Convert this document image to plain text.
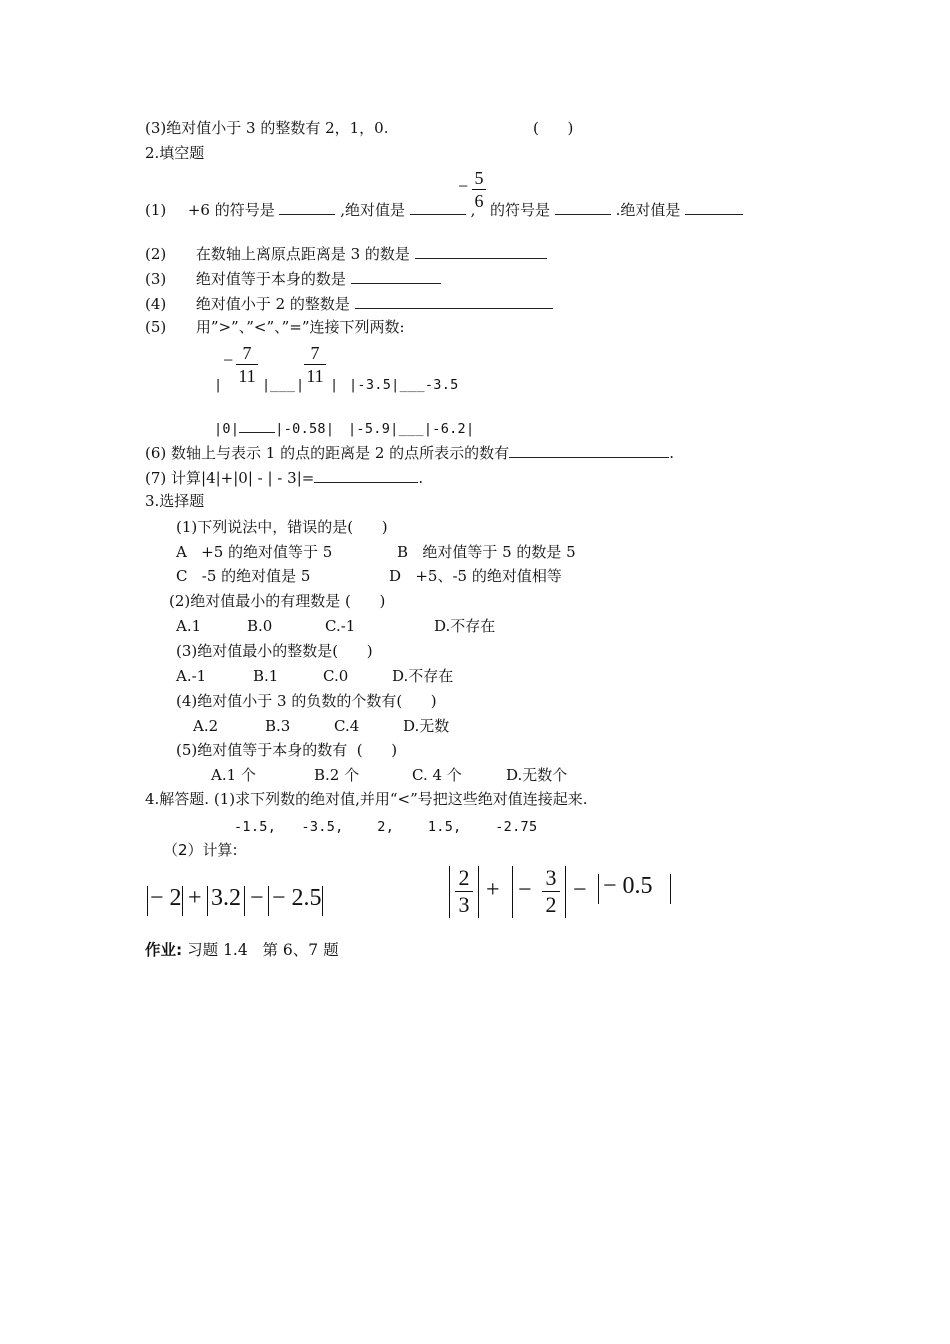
(3)绝对值小于 3 的整数有 2，1，0.	(      )
2.填空题
(1) +6 的符号是	,绝对值是	,
− 5
6 的符号是	.绝对值是
(2) 在数轴上离原点距离是 3 的数是
(3) 绝对值等于本身的数是
(4) 绝对值小于 2 的整数是
(5) 用”>”、”<”、”=”连接下列两数:
− 7
11
7
11
|	| ___ | | |-3.5|___-3.5
|0|	|-0.58| |-5.9|___|-6.2|
(6) 数轴上与表示 1 的点的距离是 2 的点所表示的数有	.
(7) 计算|4|+|0| - | - 3|=	.
3.选择题
(1)下列说法中，错误的是(      )
A   +5 的绝对值等于 5	B   绝对值等于 5 的数是 5
C   -5 的绝对值是 5	D   +5、-5 的绝对值相等
(2)绝对值最小的有理数是 (      )
A.1	B.0	C.-1	D.不存在
(3)绝对值最小的整数是(      )
A.-1	B.1	C.0	D.不存在
(4)绝对值小于 3 的负数的个数有(      )
A.2	B.3	C.4	D.无数
(5)绝对值等于本身的数有  (      )
A.1 个	B.2 个	C. 4 个	D.无数个
4.解答题. (1)求下列数的绝对值,并用“<”号把这些绝对值连接起来.
-1.5,   -3.5,    2,    1.5,    -2.75
（2）计算:
− 2 + 3.2 − − 2.5
2
3
+ − 3
2
− − 0.5
作业: 习题 1.4   第 6、7 题
